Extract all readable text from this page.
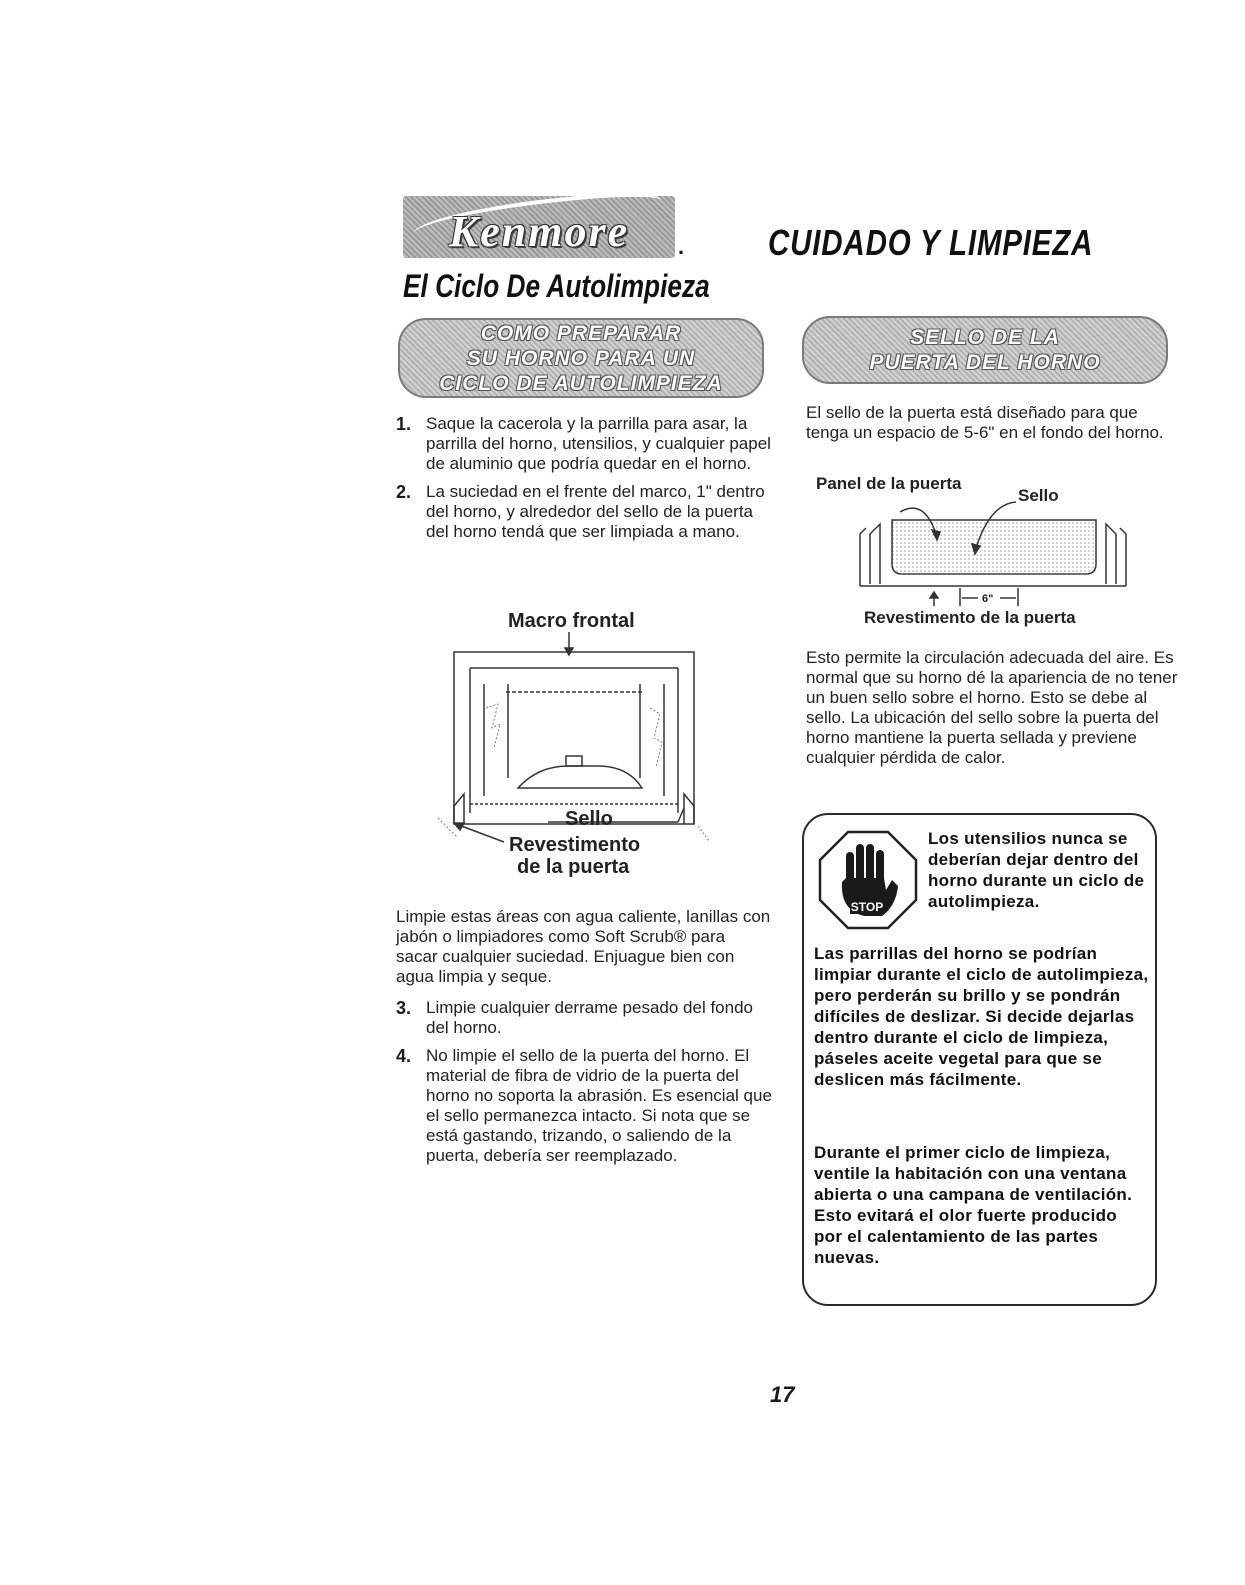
Kenmore	. CUIDADO Y LIMPIEZA
El Ciclo De Autolimpieza
COMO PREPARAR
SU HORNO PARA UN
CICLO DE AUTOLIMPIEZA
1. Saque la cacerola y la parrilla para asar, la parrilla del horno, utensilios, y cualquier papel de aluminio que podría quedar en el horno.
2. La suciedad en el frente del marco, 1" dentro del horno, y alrededor del sello de la puerta del horno tendá que ser limpiada a mano.
Macro frontal
Sello
Revestimento
de la puerta
Limpie estas áreas con agua caliente, lanillas con jabón o limpiadores como Soft Scrub® para sacar cualquier suciedad. Enjuague bien con agua limpia y seque.
3. Limpie cualquier derrame pesado del fondo del horno.
4. No limpie el sello de la puerta del horno. El material de fibra de vidrio de la puerta del horno no soporta la abrasión. Es esencial que el sello permanezca intacto. Si nota que se está gastando, trizando, o saliendo de la puerta, debería ser reemplazado.
SELLO DE LA
PUERTA DEL HORNO
El sello de la puerta está diseñado para que tenga un espacio de 5-6" en el fondo del horno.
Panel de la puerta
Sello
6"
Revestimento de la puerta
Esto permite la circulación adecuada del aire. Es normal que su horno dé la apariencia de no tener un buen sello sobre el horno. Esto se debe al sello. La ubicación del sello sobre la puerta del horno mantiene la puerta sellada y previene cualquier pérdida de calor.
STOP
Los utensilios nunca se deberían dejar dentro del horno durante un ciclo de autolimpieza.
Las parrillas del horno se podrían limpiar durante el ciclo de autolimpieza, pero perderán su brillo y se pondrán difíciles de deslizar. Si decide dejarlas dentro durante el ciclo de limpieza, páseles aceite vegetal para que se deslicen más fácilmente.
Durante el primer ciclo de limpieza, ventile la habitación con una ventana abierta o una campana de ventilación. Esto evitará el olor fuerte producido por el calentamiento de las partes nuevas.
17
